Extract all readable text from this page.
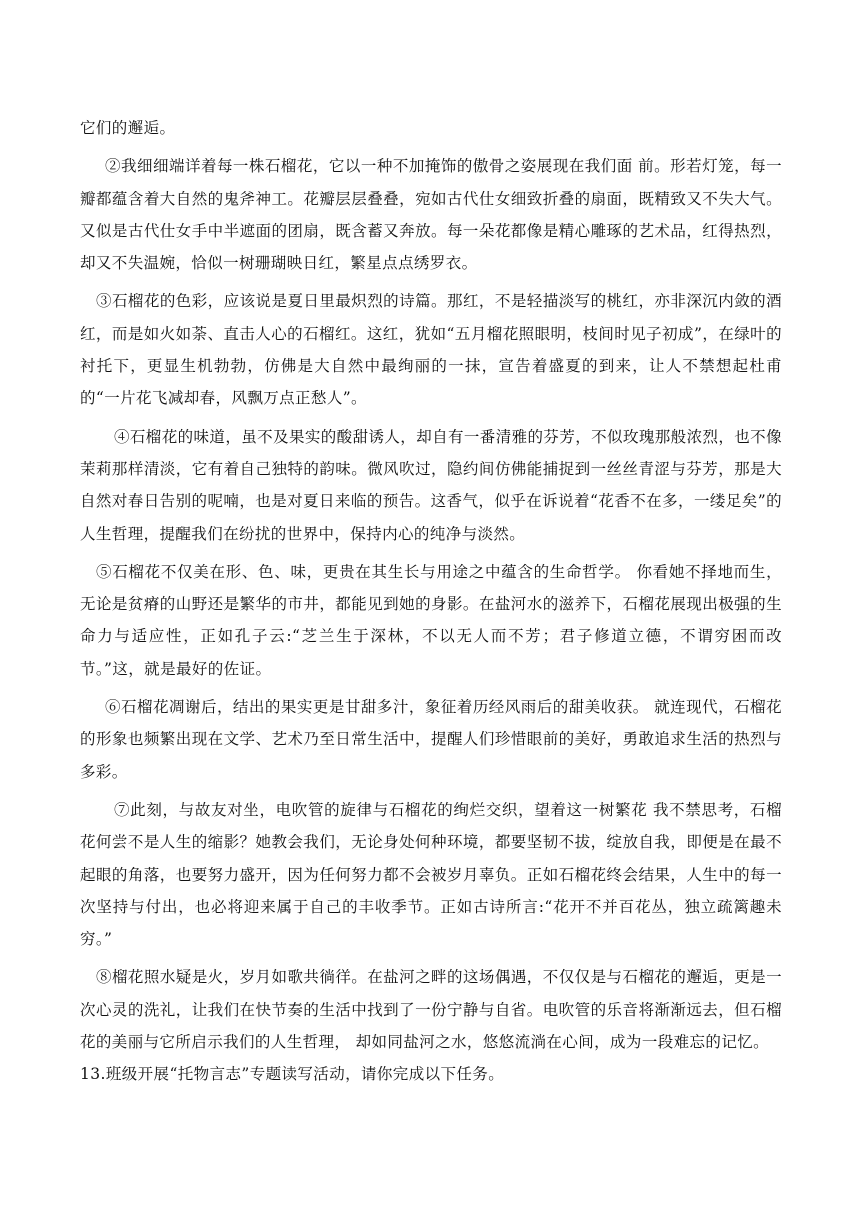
它们的邂逅。

②我细细端详着每一株石榴花，它以一种不加掩饰的傲骨之姿展现在我们面 前。形若灯笼，每一瓣都蕴含着大自然的鬼斧神工。花瓣层层叠叠，宛如古代仕女细致折叠的扇面，既精致又不失大气。又似是古代仕女手中半遮面的团扇，既含蓄又奔放。每一朵花都像是精心雕琢的艺术品，红得热烈，却又不失温婉，恰似一树珊瑚映日红，繁星点点绣罗衣。

③石榴花的色彩，应该说是夏日里最炽烈的诗篇。那红，不是轻描淡写的桃红，亦非深沉内敛的酒红，而是如火如荼、直击人心的石榴红。这红，犹如“五月榴花照眼明，枝间时见子初成”，在绿叶的衬托下，更显生机勃勃，仿佛是大自然中最绚丽的一抹，宣告着盛夏的到来，让人不禁想起杜甫的“一片花飞减却春，风飘万点正愁人”。

④石榴花的味道，虽不及果实的酸甜诱人，却自有一番清雅的芬芳，不似玫瑰那般浓烈，也不像茉莉那样清淡，它有着自己独特的韵味。微风吹过，隐约间仿佛能捕捉到一丝丝青涩与芬芳，那是大自然对春日告别的呢喃，也是对夏日来临的预告。这香气，似乎在诉说着“花香不在多，一缕足矣”的人生哲理，提醒我们在纷扰的世界中，保持内心的纯净与淡然。

⑤石榴花不仅美在形、色、味，更贵在其生长与用途之中蕴含的生命哲学。 你看她不择地而生，无论是贫瘠的山野还是繁华的市井，都能见到她的身影。在盐河水的滋养下，石榴花展现出极强的生命力与适应性，正如孔子云:“芝兰生于深林，不以无人而不芳；君子修道立德，不谓穷困而改节。”这，就是最好的佐证。

⑥石榴花凋谢后，结出的果实更是甘甜多汁，象征着历经风雨后的甜美收获。 就连现代，石榴花的形象也频繁出现在文学、艺术乃至日常生活中，提醒人们珍惜眼前的美好，勇敢追求生活的热烈与多彩。

⑦此刻，与故友对坐，电吹管的旋律与石榴花的绚烂交织，望着这一树繁花 我不禁思考，石榴花何尝不是人生的缩影？她教会我们，无论身处何种环境，都要坚韧不拔，绽放自我，即便是在最不起眼的角落，也要努力盛开，因为任何努力都不会被岁月辜负。正如石榴花终会结果，人生中的每一次坚持与付出，也必将迎来属于自己的丰收季节。正如古诗所言:“花开不并百花丛，独立疏篱趣未穷。”

⑧榴花照水疑是火，岁月如歌共徜徉。在盐河之畔的这场偶遇，不仅仅是与石榴花的邂逅，更是一次心灵的洗礼，让我们在快节奏的生活中找到了一份宁静与自省。电吹管的乐音将渐渐远去，但石榴花的美丽与它所启示我们的人生哲理， 却如同盐河之水，悠悠流淌在心间，成为一段难忘的记忆。

13.班级开展“托物言志”专题读写活动，请你完成以下任务。
